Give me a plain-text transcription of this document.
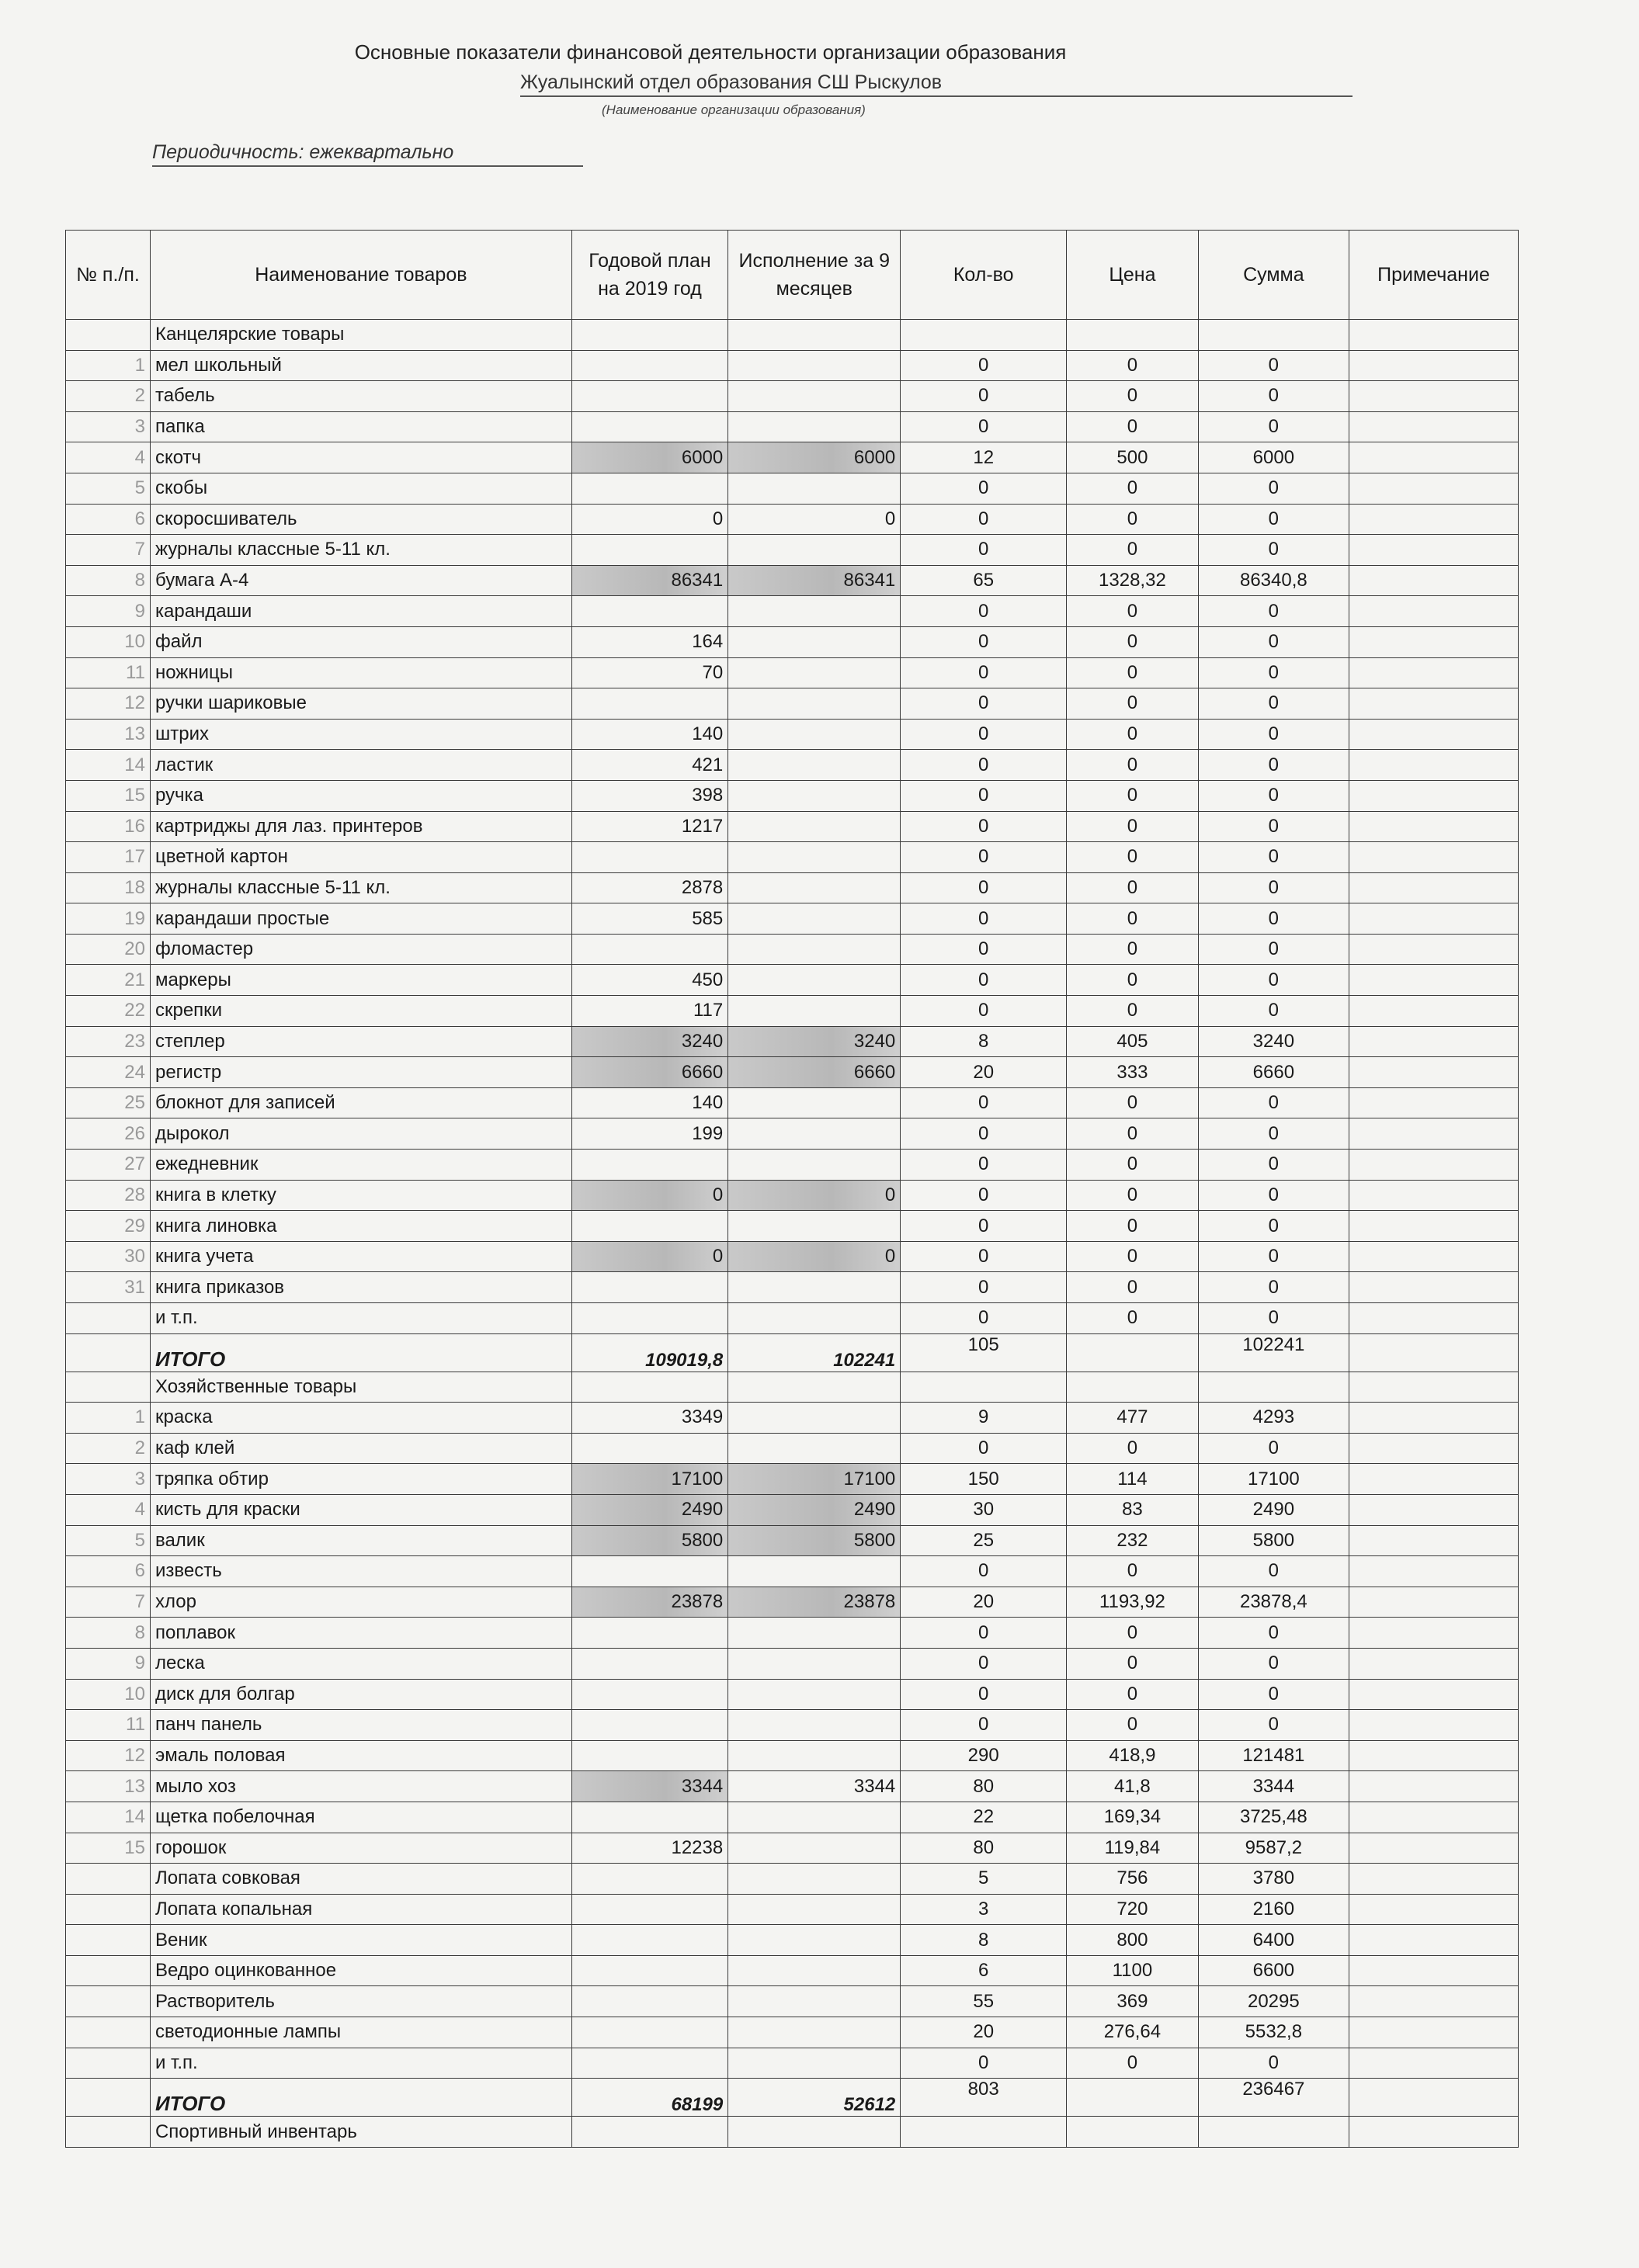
Основные показатели финансовой деятельности организации образования
Жуалынский отдел образования СШ Рыскулов
(Наименование организации образования)
Периодичность: ежеквартально
№ п./п.	Наименование товаров	Годовой план на 2019 год	Исполнение за 9 месяцев	Кол-во	Цена	Сумма	Примечание
	Канцелярские товары						
1	мел школьный			0	0	0	
2	табель			0	0	0	
3	папка			0	0	0	
4	скотч	6000	6000	12	500	6000	
5	скобы			0	0	0	
6	скоросшиватель	0	0	0	0	0	
7	журналы классные 5-11 кл.			0	0	0	
8	бумага А-4	86341	86341	65	1328,32	86340,8	
9	карандаши			0	0	0	
10	файл	164		0	0	0	
11	ножницы	70		0	0	0	
12	ручки шариковые			0	0	0	
13	штрих	140		0	0	0	
14	ластик	421		0	0	0	
15	ручка	398		0	0	0	
16	картриджы для лаз. принтеров	1217		0	0	0	
17	цветной картон			0	0	0	
18	журналы классные 5-11 кл.	2878		0	0	0	
19	карандаши простые	585		0	0	0	
20	фломастер			0	0	0	
21	маркеры	450		0	0	0	
22	скрепки	117		0	0	0	
23	степлер	3240	3240	8	405	3240	
24	регистр	6660	6660	20	333	6660	
25	блокнот для записей	140		0	0	0	
26	дырокол	199		0	0	0	
27	ежедневник			0	0	0	
28	книга в клетку	0	0	0	0	0	
29	книга линовка			0	0	0	
30	книга учета	0	0	0	0	0	
31	книга приказов			0	0	0	
	и т.п.			0	0	0	
	ИТОГО	109019,8	102241	105		102241	
	Хозяйственные товары						
1	краска	3349		9	477	4293	
2	каф клей			0	0	0	
3	тряпка обтир	17100	17100	150	114	17100	
4	кисть для краски	2490	2490	30	83	2490	
5	валик	5800	5800	25	232	5800	
6	известь			0	0	0	
7	хлор	23878	23878	20	1193,92	23878,4	
8	поплавок			0	0	0	
9	леска			0	0	0	
10	диск для болгар			0	0	0	
11	панч панель			0	0	0	
12	эмаль половая			290	418,9	121481	
13	мыло хоз	3344	3344	80	41,8	3344	
14	щетка побелочная			22	169,34	3725,48	
15	горошок	12238		80	119,84	9587,2	
	Лопата совковая			5	756	3780	
	Лопата копальная			3	720	2160	
	Веник			8	800	6400	
	Ведро оцинкованное			6	1100	6600	
	Растворитель			55	369	20295	
	светодионные лампы			20	276,64	5532,8	
	и т.п.			0	0	0	
	ИТОГО	68199	52612	803		236467	
	Спортивный инвентарь						
